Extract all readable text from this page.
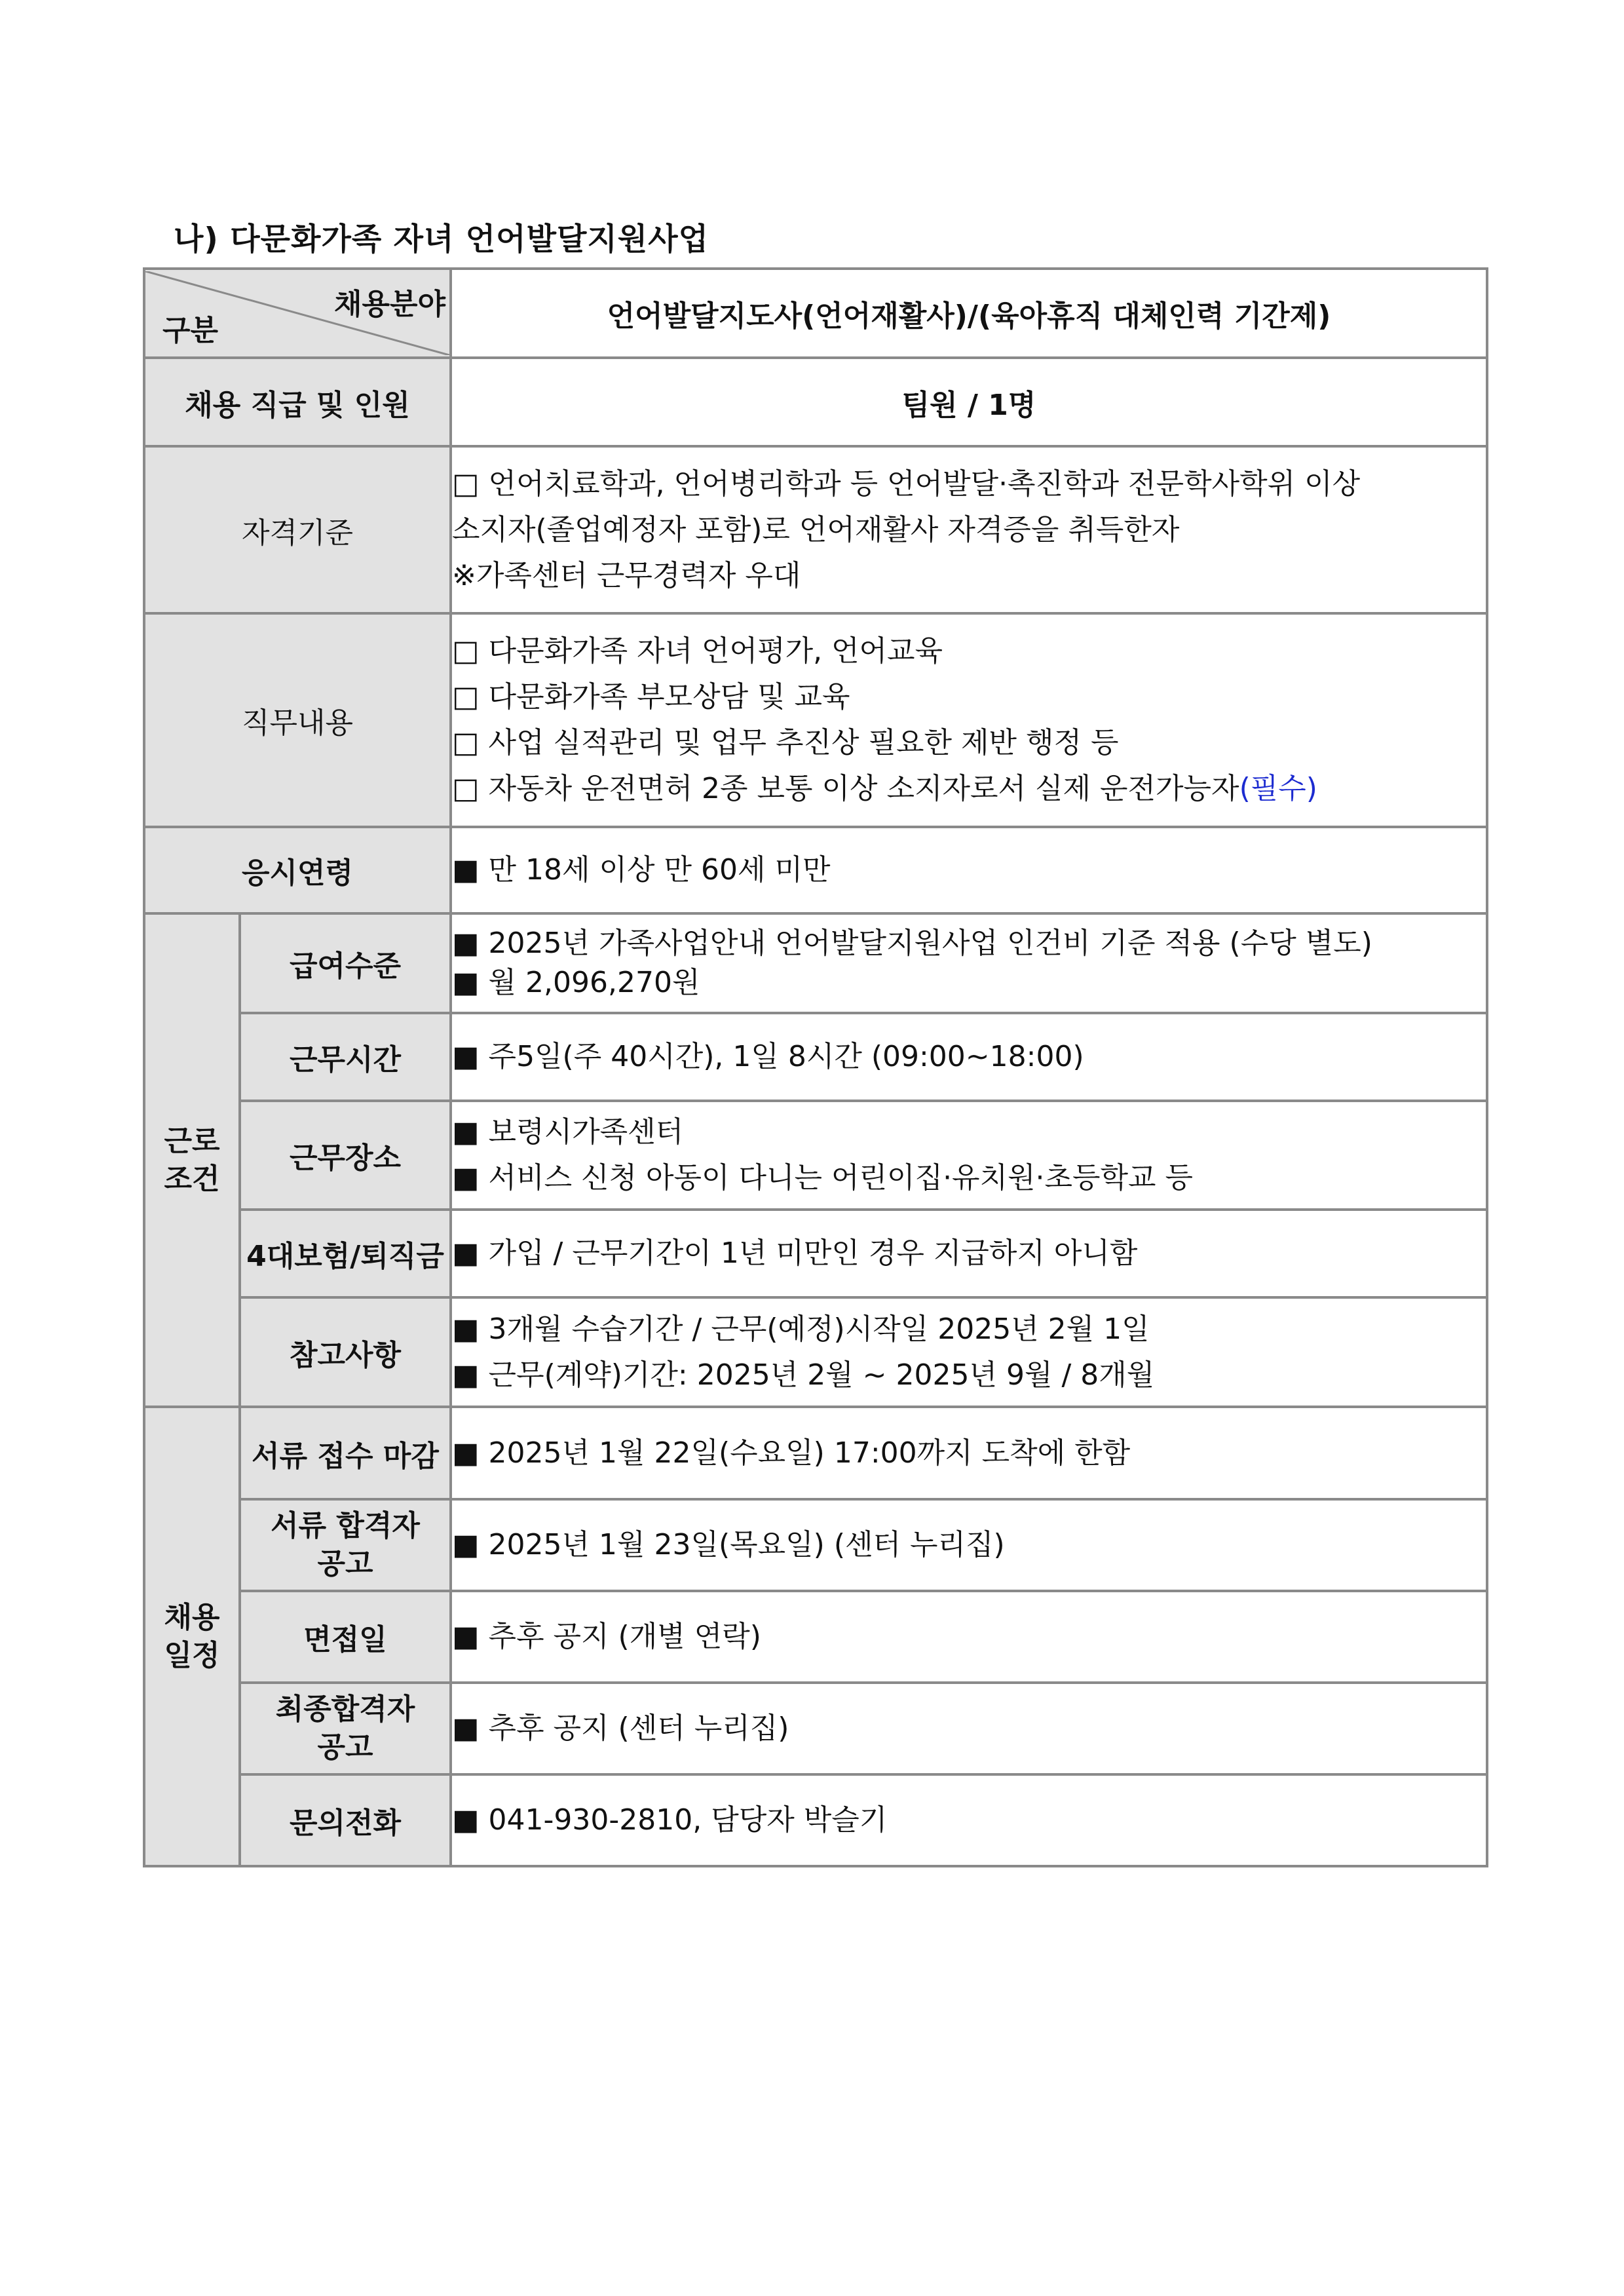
나) 다문화가족 자녀 언어발달지원사업
채용분야
구분		언어발달지도사(언어재활사)/(육아휴직 대체인력 기간제)
채용 직급 및 인원		팀원 / 1명
자격기준		□ 언어치료학과, 언어병리학과 등 언어발달·촉진학과 전문학사학위 이상
소지자(졸업예정자 포함)로 언어재활사 자격증을 취득한자
※가족센터 근무경력자 우대

직무내용		□ 다문화가족 자녀 언어평가, 언어교육
□ 다문화가족 부모상담 및 교육
□ 사업 실적관리 및 업무 추진상 필요한 제반 행정 등
□ 자동차 운전면허 2종 보통 이상 소지자로서 실제 운전가능자(필수)

응시연령		■ 만 18세 이상 만 60세 미만

근로
조건	급여수준	■ 2025년 가족사업안내 언어발달지원사업 인건비 기준 적용 (수당 별도)
■ 월 2,096,270원

	근무시간	■ 주5일(주 40시간), 1일 8시간 (09:00~18:00)
	근무장소	■ 보령시가족센터
■ 서비스 신청 아동이 다니는 어린이집·유치원·초등학교 등

	4대보험/퇴직금	■ 가입 / 근무기간이 1년 미만인 경우 지급하지 아니함
	참고사항	■ 3개월 수습기간 / 근무(예정)시작일 2025년 2월 1일
■ 근무(계약)기간: 2025년 2월 ~ 2025년 9월 / 8개월

채용
일정	서류 접수 마감	■ 2025년 1월 22일(수요일) 17:00까지 도착에 한함

	서류 합격자
공고	■ 2025년 1월 23일(목요일) (센터 누리집)
	면접일	■ 추후 공지 (개별 연락)

	최종합격자
공고	■ 추후 공지 (센터 누리집)
	문의전화	■ 041-930-2810, 담당자 박슬기
